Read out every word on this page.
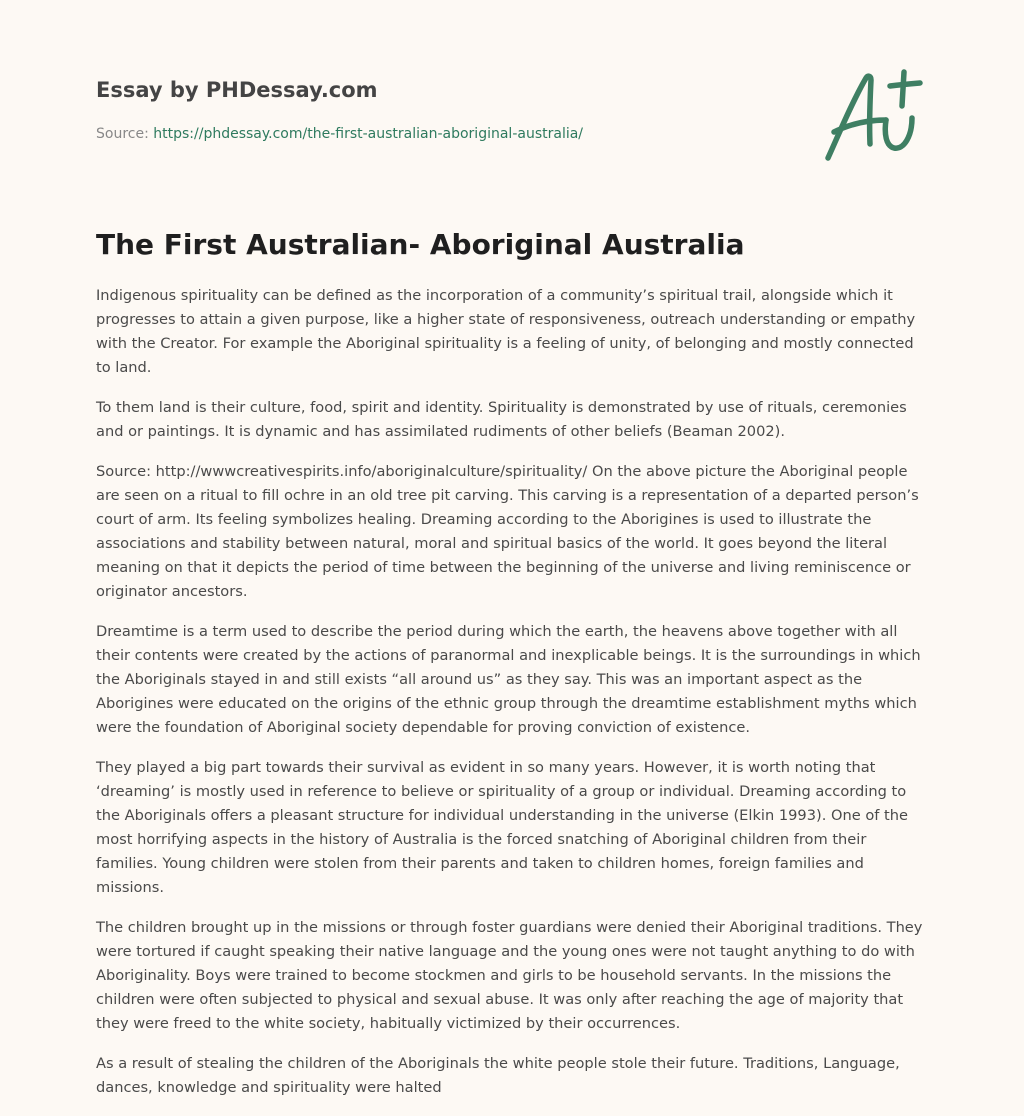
Essay by PHDessay.com
Source: https://phdessay.com/the-first-australian-aboriginal-australia/
The First Australian- Aboriginal Australia

Indigenous spirituality can be defined as the incorporation of a community’s spiritual trail, alongside which it progresses to attain a given purpose, like a higher state of responsiveness, outreach understanding or empathy with the Creator. For example the Aboriginal spirituality is a feeling of unity, of belonging and mostly connected to land.

To them land is their culture, food, spirit and identity. Spirituality is demonstrated by use of rituals, ceremonies and or paintings. It is dynamic and has assimilated rudiments of other beliefs (Beaman 2002).

Source: http://wwwcreativespirits.info/aboriginalculture/spirituality/ On the above picture the Aboriginal people are seen on a ritual to fill ochre in an old tree pit carving. This carving is a representation of a departed person’s court of arm. Its feeling symbolizes healing. Dreaming according to the Aborigines is used to illustrate the associations and stability between natural, moral and spiritual basics of the world. It goes beyond the literal meaning on that it depicts the period of time between the beginning of the universe and living reminiscence or originator ancestors.

Dreamtime is a term used to describe the period during which the earth, the heavens above together with all their contents were created by the actions of paranormal and inexplicable beings. It is the surroundings in which the Aboriginals stayed in and still exists “all around us” as they say. This was an important aspect as the Aborigines were educated on the origins of the ethnic group through the dreamtime establishment myths which were the foundation of Aboriginal society dependable for proving conviction of existence.

They played a big part towards their survival as evident in so many years. However, it is worth noting that ‘dreaming’ is mostly used in reference to believe or spirituality of a group or individual. Dreaming according to the Aboriginals offers a pleasant structure for individual understanding in the universe (Elkin 1993). One of the most horrifying aspects in the history of Australia is the forced snatching of Aboriginal children from their families. Young children were stolen from their parents and taken to children homes, foreign families and missions.

The children brought up in the missions or through foster guardians were denied their Aboriginal traditions. They were tortured if caught speaking their native language and the young ones were not taught anything to do with Aboriginality. Boys were trained to become stockmen and girls to be household servants. In the missions the children were often subjected to physical and sexual abuse. It was only after reaching the age of majority that they were freed to the white society, habitually victimized by their occurrences.

As a result of stealing the children of the Aboriginals the white people stole their future. Traditions, Language, dances, knowledge and spirituality were halted
